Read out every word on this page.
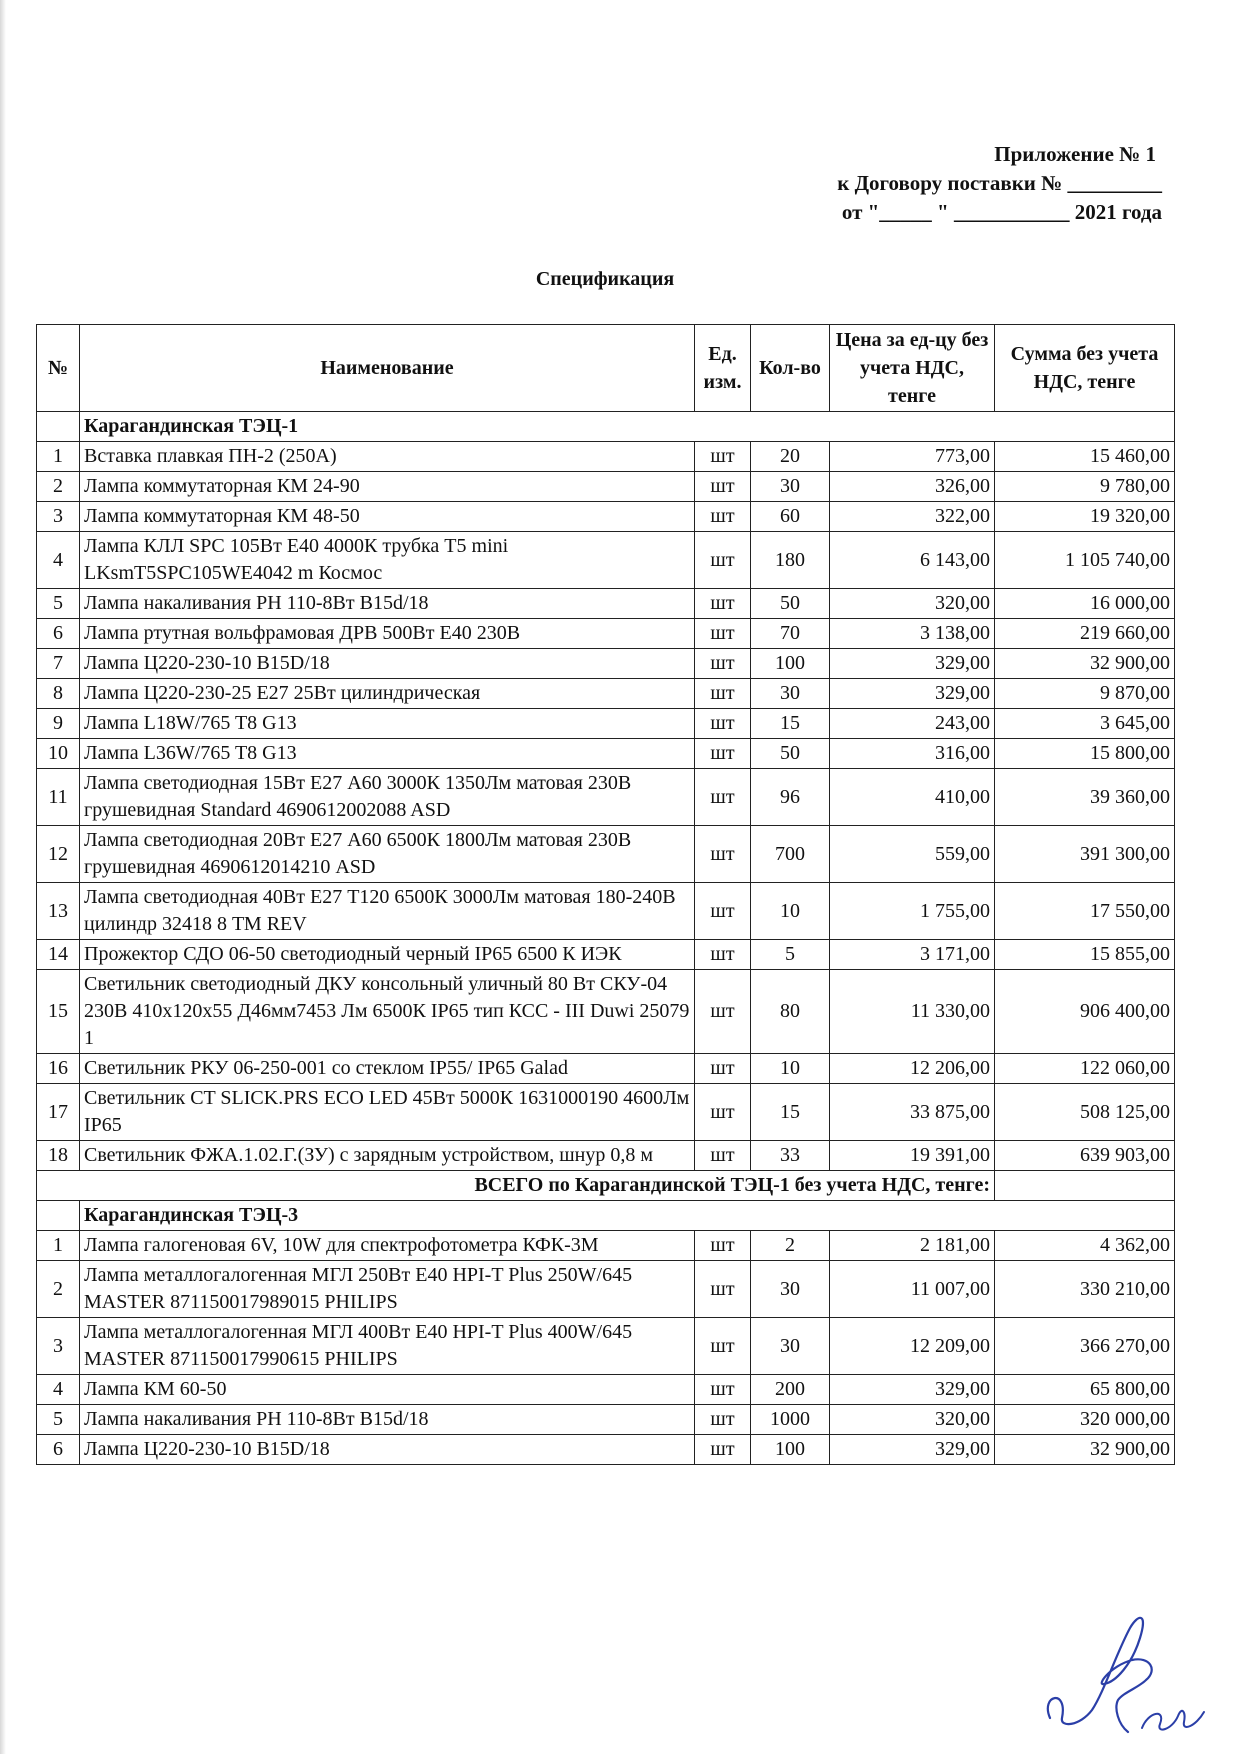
Приложение № 1
к Договору поставки № _________
от "_____ " ___________ 2021 года
Спецификация
№	Наименование	Ед. изм.	Кол-во	Цена за ед-цу без учета НДС, тенге	Сумма без учета НДС, тенге
	Карагандинская ТЭЦ-1				
1	Вставка плавкая ПН-2 (250А)	шт	20	773,00	15 460,00
2	Лампа коммутаторная КМ 24-90	шт	30	326,00	9 780,00
3	Лампа коммутаторная КМ 48-50	шт	60	322,00	19 320,00
4	Лампа КЛЛ SPC 105Вт Е40 4000К трубка Т5 mini LKsmT5SPC105WE4042 m Космос	шт	180	6 143,00	1 105 740,00
5	Лампа накаливания РН 110-8Вт В15d/18	шт	50	320,00	16 000,00
6	Лампа ртутная вольфрамовая ДРВ 500Вт Е40 230В	шт	70	3 138,00	219 660,00
7	Лампа Ц220-230-10 В15D/18	шт	100	329,00	32 900,00
8	Лампа Ц220-230-25 Е27 25Вт цилиндрическая	шт	30	329,00	9 870,00
9	Лампа L18W/765 T8 G13	шт	15	243,00	3 645,00
10	Лампа L36W/765 T8 G13	шт	50	316,00	15 800,00
11	Лампа светодиодная 15Вт Е27 А60 3000К 1350Лм матовая 230В грушевидная Standard 4690612002088 ASD	шт	96	410,00	39 360,00
12	Лампа светодиодная 20Вт Е27 А60 6500К 1800Лм матовая 230В грушевидная 4690612014210 ASD	шт	700	559,00	391 300,00
13	Лампа светодиодная 40Вт Е27 Т120 6500К 3000Лм матовая 180-240В цилиндр 32418 8 ТМ REV	шт	10	1 755,00	17 550,00
14	Прожектор СДО 06-50 светодиодный черный IP65 6500 К ИЭК	шт	5	3 171,00	15 855,00
15	Светильник светодиодный ДКУ консольный уличный 80 Вт СКУ-04 230В 410х120х55 Д46мм7453 Лм 6500К IP65 тип КСС - III Duwi 25079 1	шт	80	11 330,00	906 400,00
16	Светильник РКУ 06-250-001 со стеклом IP55/ IP65 Galad	шт	10	12 206,00	122 060,00
17	Светильник CT SLICK.PRS ECO LED 45Вт 5000К 1631000190 4600Лм IP65	шт	15	33 875,00	508 125,00
18	Светильник ФЖА.1.02.Г.(ЗУ) с зарядным устройством, шнур 0,8 м	шт	33	19 391,00	639 903,00
ВСЕГО по Карагандинской ТЭЦ-1 без учета НДС, тенге:					
	Карагандинская ТЭЦ-3				
1	Лампа галогеновая 6V, 10W для спектрофотометра КФК-3М	шт	2	2 181,00	4 362,00
2	Лампа металлогалогенная МГЛ 250Вт Е40 HPI-T Plus 250W/645 MASTER 871150017989015 PHILIPS	шт	30	11 007,00	330 210,00
3	Лампа металлогалогенная МГЛ 400Вт Е40 HPI-T Plus 400W/645 MASTER 871150017990615 PHILIPS	шт	30	12 209,00	366 270,00
4	Лампа КМ 60-50	шт	200	329,00	65 800,00
5	Лампа накаливания РН 110-8Вт В15d/18	шт	1000	320,00	320 000,00
6	Лампа Ц220-230-10 В15D/18	шт	100	329,00	32 900,00
